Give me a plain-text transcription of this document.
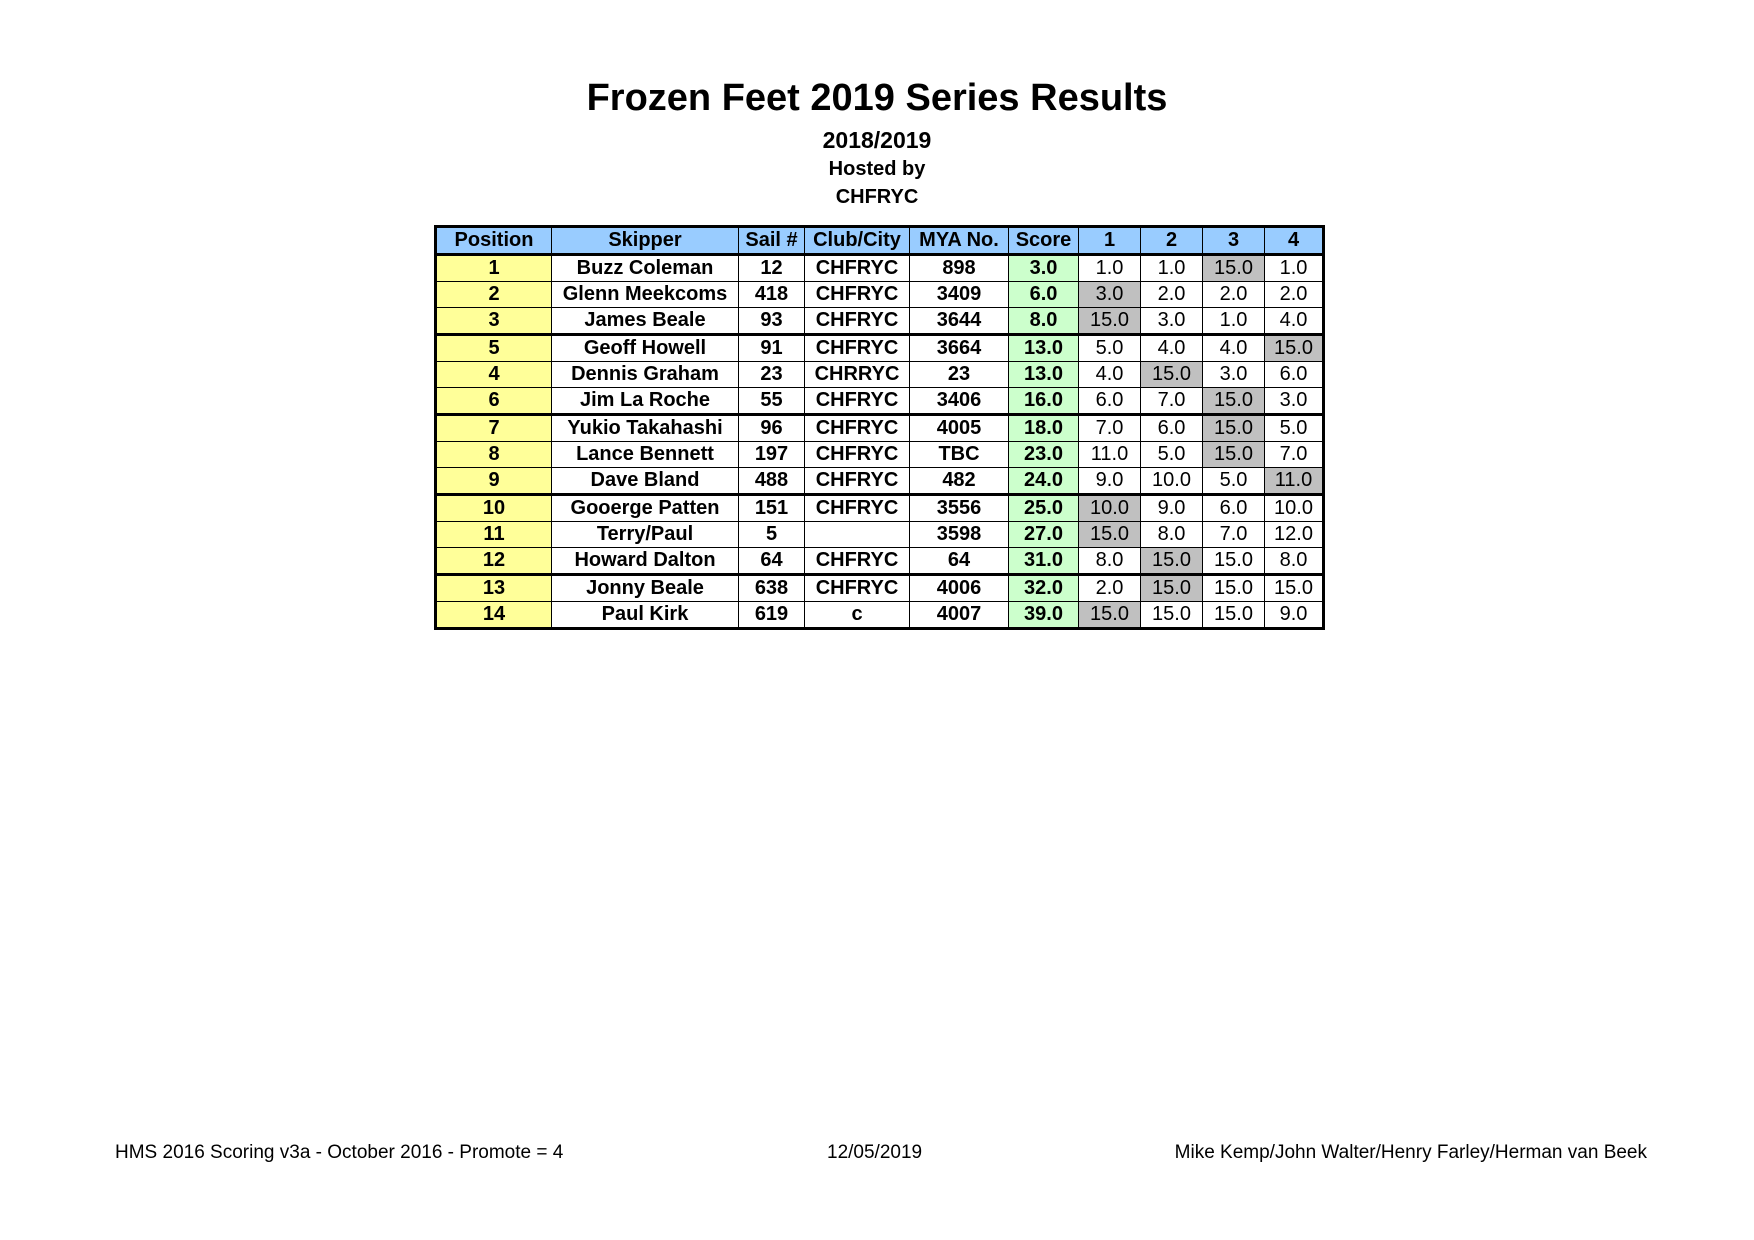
Frozen Feet 2019 Series Results
2018/2019
Hosted by
CHFRYC
Position	Skipper	Sail #	Club/City	MYA No.	Score	1	2	3	4
1	Buzz Coleman	12	CHFRYC	898	3.0	1.0	1.0	15.0	1.0
2	Glenn Meekcoms	418	CHFRYC	3409	6.0	3.0	2.0	2.0	2.0
3	James Beale	93	CHFRYC	3644	8.0	15.0	3.0	1.0	4.0
5	Geoff Howell	91	CHFRYC	3664	13.0	5.0	4.0	4.0	15.0
4	Dennis Graham	23	CHRRYC	23	13.0	4.0	15.0	3.0	6.0
6	Jim La Roche	55	CHFRYC	3406	16.0	6.0	7.0	15.0	3.0
7	Yukio Takahashi	96	CHFRYC	4005	18.0	7.0	6.0	15.0	5.0
8	Lance Bennett	197	CHFRYC	TBC	23.0	11.0	5.0	15.0	7.0
9	Dave Bland	488	CHFRYC	482	24.0	9.0	10.0	5.0	11.0
10	Gooerge Patten	151	CHFRYC	3556	25.0	10.0	9.0	6.0	10.0
11	Terry/Paul	5		3598	27.0	15.0	8.0	7.0	12.0
12	Howard Dalton	64	CHFRYC	64	31.0	8.0	15.0	15.0	8.0
13	Jonny Beale	638	CHFRYC	4006	32.0	2.0	15.0	15.0	15.0
14	Paul Kirk	619	c	4007	39.0	15.0	15.0	15.0	9.0
HMS 2016 Scoring v3a - October 2016 - Promote = 4	12/05/2019	Mike Kemp/John Walter/Henry Farley/Herman van Beek
